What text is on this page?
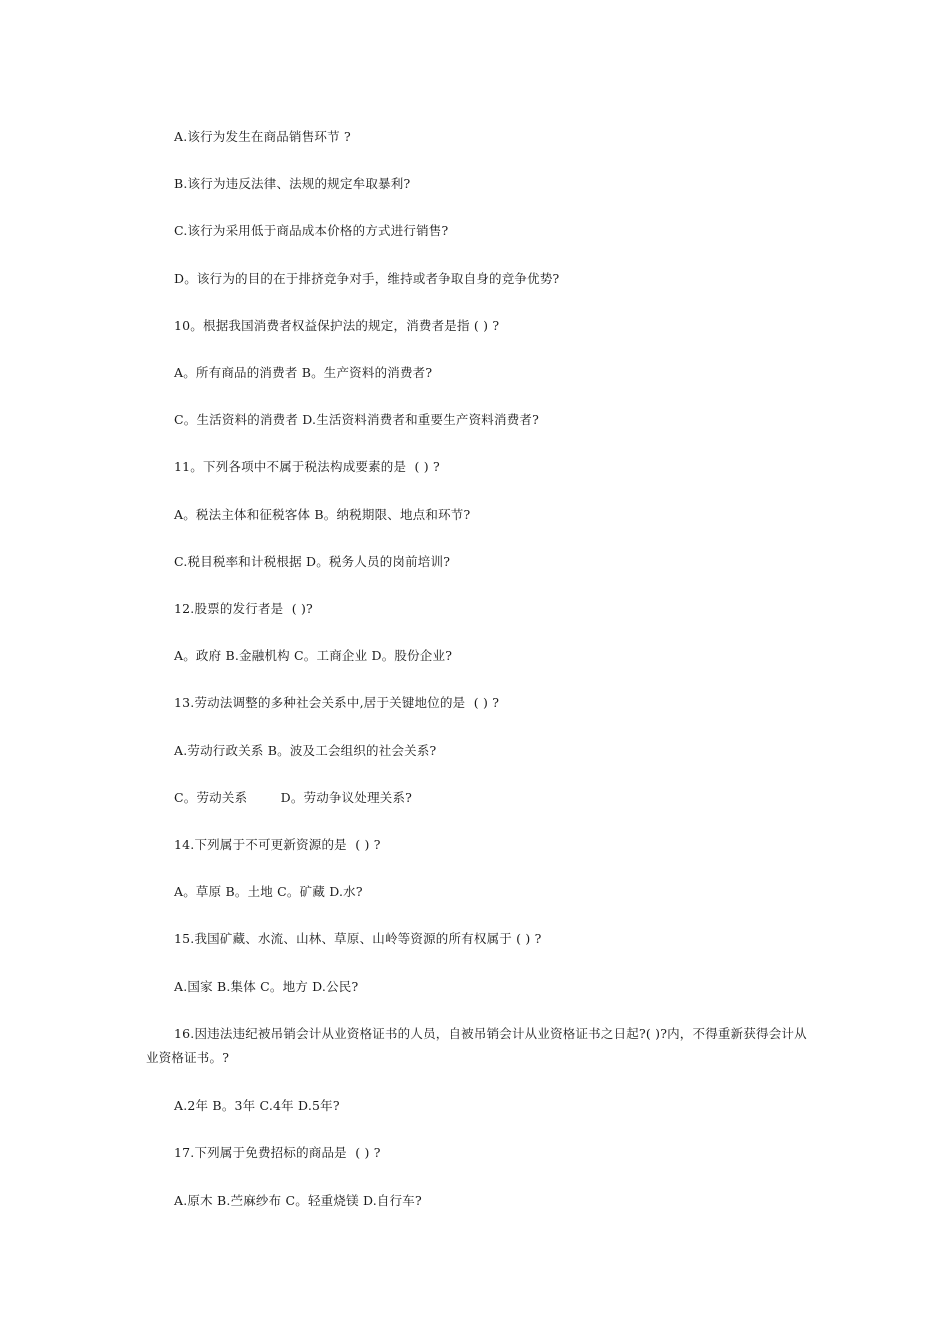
A.该行为发生在商品销售环节 ?
B.该行为违反法律、法规的规定牟取暴利?
C.该行为采用低于商品成本价格的方式进行销售?
D。该行为的目的在于排挤竞争对手，维持或者争取自身的竞争优势?
10。根据我国消费者权益保护法的规定，消费者是指 ( ) ?
A。所有商品的消费者 B。生产资料的消费者?
C。生活资料的消费者 D.生活资料消费者和重要生产资料消费者?
11。下列各项中不属于税法构成要素的是  ( ) ?
A。税法主体和征税客体 B。纳税期限、地点和环节?
C.税目税率和计税根据 D。税务人员的岗前培训?
12.股票的发行者是  ( )?
A。政府 B.金融机构 C。工商企业 D。股份企业?
13.劳动法调整的多种社会关系中,居于关键地位的是  ( ) ?
A.劳动行政关系 B。波及工会组织的社会关系?
C。劳动关系        D。劳动争议处理关系?
14.下列属于不可更新资源的是  ( ) ?
A。草原 B。土地 C。矿藏 D.水?
15.我国矿藏、水流、山林、草原、山岭等资源的所有权属于 ( ) ?
A.国家 B.集体 C。地方 D.公民?
16.因违法违纪被吊销会计从业资格证书的人员，自被吊销会计从业资格证书之日起?( )?内，不得重新获得会计从业资格证书。?
A.2年 B。3年 C.4年 D.5年?
17.下列属于免费招标的商品是  ( ) ?
A.原木 B.苎麻纱布 C。轻重烧镁 D.自行车?
